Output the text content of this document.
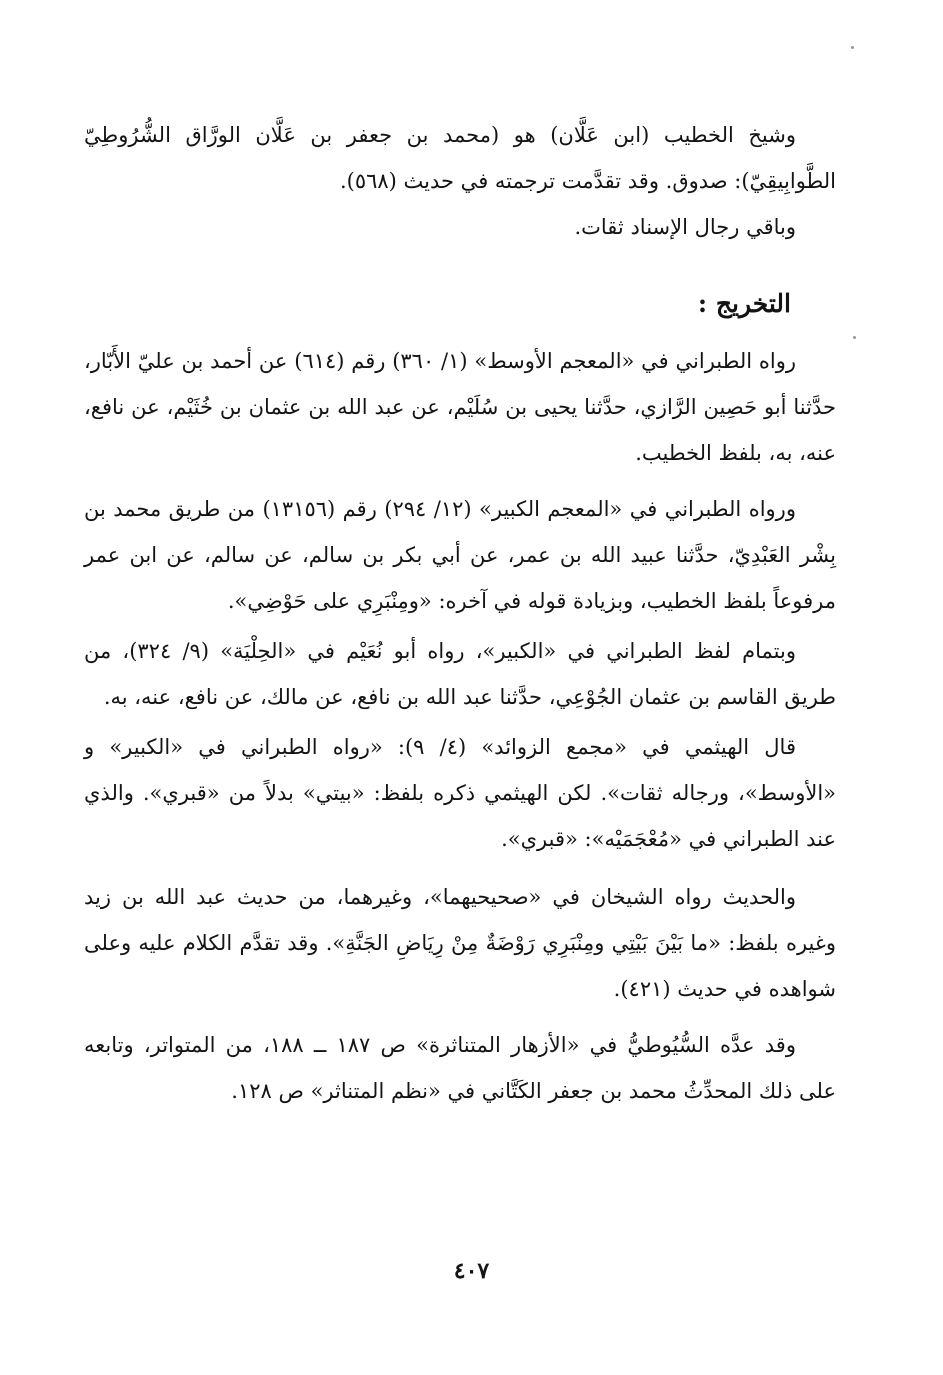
وشيخ الخطيب (ابن عَلَّان) هو (محمد بن جعفر بن عَلَّان الورَّاق الشُّرُوطِيّ الطَّوابِيقِيّ): صدوق. وقد تقدَّمت ترجمته في حديث (٥٦٨).

وباقي رجال الإسناد ثقات.

التخريج :

رواه الطبراني في «المعجم الأوسط» (١/ ٣٦٠) رقم (٦١٤) عن أحمد بن عليّ الأَبّار، حدَّثنا أبو حَصِين الرَّازي، حدَّثنا يحيى بن سُلَيْم، عن عبد الله بن عثمان بن خُثَيْم، عن نافع، عنه، به، بلفظ الخطيب.

ورواه الطبراني في «المعجم الكبير» (١٢/ ٢٩٤) رقم (١٣١٥٦) من طريق محمد بن بِشْر العَبْدِيّ، حدَّثنا عبيد الله بن عمر، عن أبي بكر بن سالم، عن سالم، عن ابن عمر مرفوعاً بلفظ الخطيب، وبزيادة قوله في آخره: «ومِنْبَرِي على حَوْضِي».

وبتمام لفظ الطبراني في «الكبير»، رواه أبو نُعَيْم في «الحِلْيَة» (٩/ ٣٢٤)، من طريق القاسم بن عثمان الجُوْعِي، حدَّثنا عبد الله بن نافع، عن مالك، عن نافع، عنه، به.

قال الهيثمي في «مجمع الزوائد» (٤/ ٩): «رواه الطبراني في «الكبير» و «الأوسط»، ورجاله ثقات». لكن الهيثمي ذكره بلفظ: «بيتي» بدلاً من «قبري». والذي عند الطبراني في «مُعْجَمَيْه»: «قبري».

والحديث رواه الشيخان في «صحيحيهما»، وغيرهما، من حديث عبد الله بن زيد وغيره بلفظ: «ما بَيْنَ بَيْتِي ومِنْبَرِي رَوْضَةٌ مِنْ رِيَاضِ الجَنَّةِ». وقد تقدَّم الكلام عليه وعلى شواهده في حديث (٤٢١).

وقد عدَّه السُّيُوطيُّ في «الأزهار المتناثرة» ص ١٨٧ ــ ١٨٨، من المتواتر، وتابعه على ذلك المحدِّثُ محمد بن جعفر الكَتَّاني في «نظم المتناثر» ص ١٢٨.

٤٠٧
